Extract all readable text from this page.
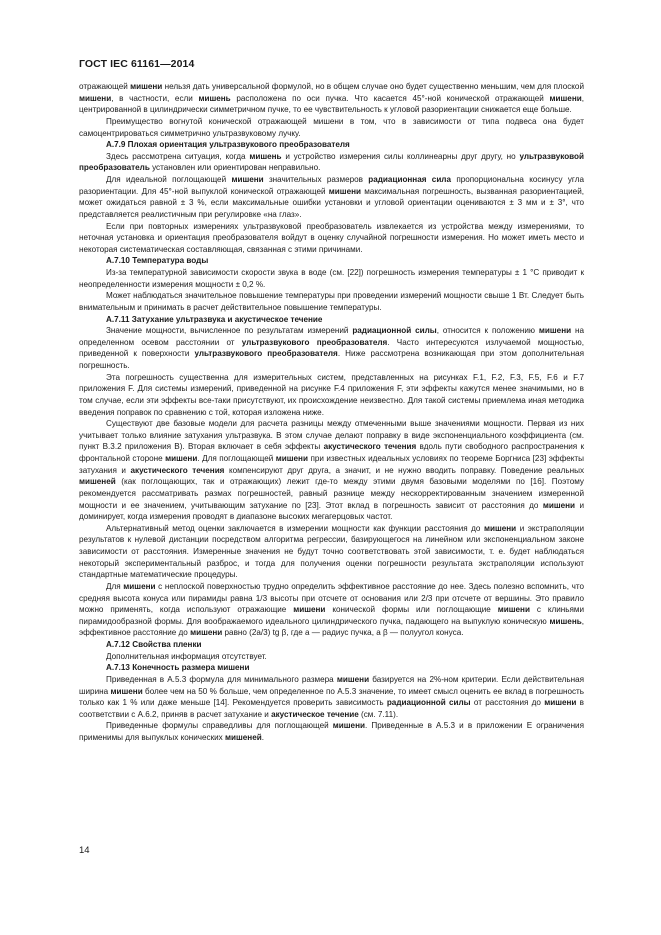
ГОСТ IEC 61161—2014

отражающей мишени нельзя дать универсальной формулой, но в общем случае оно будет существенно меньшим, чем для плоской мишени, в частности, если мишень расположена по оси пучка. Что касается 45°-ной конической отражающей мишени, центрированной в цилиндрически симметричном пучке, то ее чувствительность к угловой разориентации снижается еще больше.

Преимущество вогнутой конической отражающей мишени в том, что в зависимости от типа подвеса она будет самоцентрироваться симметрично ультразвуковому лучку.

А.7.9 Плохая ориентация ультразвукового преобразователя

Здесь рассмотрена ситуация, когда мишень и устройство измерения силы коллинеарны друг другу, но ультразвуковой преобразователь установлен или ориентирован неправильно.

Для идеальной поглощающей мишени значительных размеров радиационная сила пропорциональна косинусу угла разориентации. Для 45°-ной выпуклой конической отражающей мишени максимальная погрешность, вызванная разориентацией, может ожидаться равной ± 3 %, если максимальные ошибки установки и угловой ориентации оцениваются ± 3 мм и ± 3°, что представляется реалистичным при регулировке «на глаз».

Если при повторных измерениях ультразвуковой преобразователь извлекается из устройства между измерениями, то неточная установка и ориентация преобразователя войдут в оценку случайной погрешности измерения. Но может иметь место и некоторая систематическая составляющая, связанная с этими причинами.

А.7.10 Температура воды

Из-за температурной зависимости скорости звука в воде (см. [22]) погрешность измерения температуры ± 1 °С приводит к неопределенности измерения мощности ± 0,2 %.

Может наблюдаться значительное повышение температуры при проведении измерений мощности свыше 1 Вт. Следует быть внимательным и принимать в расчет действительное повышение температуры.

А.7.11 Затухание ультразвука и акустическое течение

Значение мощности, вычисленное по результатам измерений радиационной силы, относится к положению мишени на определенном осевом расстоянии от ультразвукового преобразователя. Часто интересуются излучаемой мощностью, приведенной к поверхности ультразвукового преобразователя. Ниже рассмотрена возникающая при этом дополнительная погрешность.

Эта погрешность существенна для измерительных систем, представленных на рисунках F.1, F.2, F.3, F.5, F.6 и F.7 приложения F. Для системы измерений, приведенной на рисунке F.4 приложения F, эти эффекты кажутся менее значимыми, но в том случае, если эти эффекты все-таки присутствуют, их происхождение неизвестно. Для такой системы приемлема иная методика введения поправок по сравнению с той, которая изложена ниже.

Существуют две базовые модели для расчета разницы между отмеченными выше значениями мощности. Первая из них учитывает только влияние затухания ультразвука. В этом случае делают поправку в виде экспоненциального коэффициента (см. пункт В.3.2 приложения В). Вторая включает в себя эффекты акустического течения вдоль пути свободного распространения к фронтальной стороне мишени. Для поглощающей мишени при известных идеальных условиях по теореме Боргниса [23] эффекты затухания и акустического течения компенсируют друг друга, а значит, и не нужно вводить поправку. Поведение реальных мишеней (как поглощающих, так и отражающих) лежит где-то между этими двумя базовыми моделями по [16]. Поэтому рекомендуется рассматривать размах погрешностей, равный разнице между нескорректированным значением измеренной мощности и ее значением, учитывающим затухание по [23]. Этот вклад в погрешность зависит от расстояния до мишени и доминирует, когда измерения проводят в диапазоне высоких мегагерцовых частот.

Альтернативный метод оценки заключается в измерении мощности как функции расстояния до мишени и экстраполяции результатов к нулевой дистанции посредством алгоритма регрессии, базирующегося на линейном или экспоненциальном законе зависимости от расстояния. Измеренные значения не будут точно соответствовать этой зависимости, т. е. будет наблюдаться некоторый экспериментальный разброс, и тогда для получения оценки погрешности результата экстраполяции используют стандартные математические процедуры.

Для мишени с неплоской поверхностью трудно определить эффективное расстояние до нее. Здесь полезно вспомнить, что средняя высота конуса или пирамиды равна 1/3 высоты при отсчете от основания или 2/3 при отсчете от вершины. Это правило можно применять, когда используют отражающие мишени конической формы или поглощающие мишени с клиньями пирамидообразной формы. Для воображаемого идеального цилиндрического пучка, падающего на выпуклую коническую мишень, эффективное расстояние до мишени равно (2a/3) tg β, где a — радиус пучка, а β — полуугол конуса.

А.7.12 Свойства пленки

Дополнительная информация отсутствует.

А.7.13 Конечность размера мишени

Приведенная в А.5.3 формула для минимального размера мишени базируется на 2%-ном критерии. Если действительная ширина мишени более чем на 50 % больше, чем определенное по А.5.3 значение, то имеет смысл оценить ее вклад в погрешность только как 1 % или даже меньше [14]. Рекомендуется проверить зависимость радиационной силы от расстояния до мишени в соответствии с А.6.2, приняв в расчет затухание и акустическое течение (см. 7.11).

Приведенные формулы справедливы для поглощающей мишени. Приведенные в А.5.3 и в приложении E ограничения применимы для выпуклых конических мишеней.

14
